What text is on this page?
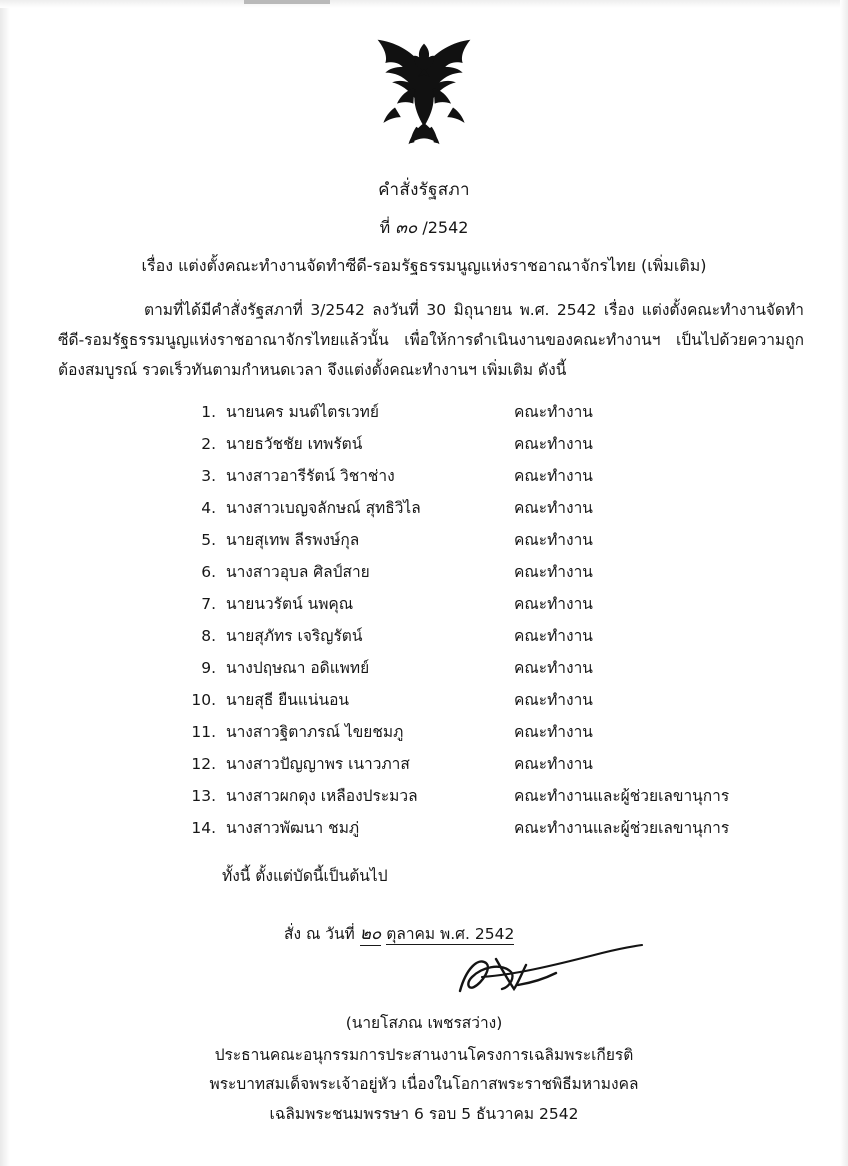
คำสั่งรัฐสภา
ที่ ๓๐ /2542
เรื่อง แต่งตั้งคณะทำงานจัดทำซีดี-รอมรัฐธรรมนูญแห่งราชอาณาจักรไทย (เพิ่มเติม)

ตามที่ได้มีคำสั่งรัฐสภาที่ 3/2542 ลงวันที่ 30 มิถุนายน พ.ศ. 2542 เรื่อง แต่งตั้งคณะทำงานจัดทำซีดี-รอมรัฐธรรมนูญแห่งราชอาณาจักรไทยแล้วนั้น เพื่อให้การดำเนินงานของคณะทำงานฯ เป็นไปด้วยความถูกต้องสมบูรณ์ รวดเร็วทันตามกำหนดเวลา จึงแต่งตั้งคณะทำงานฯ เพิ่มเติม ดังนี้

1. นายนคร มนต์ไตรเวทย์	คณะทำงาน
2. นายธวัชชัย เทพรัตน์	คณะทำงาน
3. นางสาวอารีรัตน์ วิชาช่าง	คณะทำงาน
4. นางสาวเบญจลักษณ์ สุทธิวิไล	คณะทำงาน
5. นายสุเทพ ลีรพงษ์กุล	คณะทำงาน
6. นางสาวอุบล ศิลป์สาย	คณะทำงาน
7. นายนวรัตน์ นพคุณ	คณะทำงาน
8. นายสุภัทร เจริญรัตน์	คณะทำงาน
9. นางปฤษณา อดิแพทย์	คณะทำงาน
10. นายสุธี ยืนแน่นอน	คณะทำงาน
11. นางสาวฐิตาภรณ์ ไขยชมภู	คณะทำงาน
12. นางสาวปัญญาพร เนาวภาส	คณะทำงาน
13. นางสาวผกดุง เหลืองประมวล	คณะทำงานและผู้ช่วยเลขานุการ
14. นางสาวพัฒนา ชมภู่	คณะทำงานและผู้ช่วยเลขานุการ
ทั้งนี้ ตั้งแต่บัดนี้เป็นต้นไป
สั่ง ณ วันที่ ๒๐ ตุลาคม พ.ศ. 2542
(นายโสภณ เพชรสว่าง)
ประธานคณะอนุกรรมการประสานงานโครงการเฉลิมพระเกียรติ
พระบาทสมเด็จพระเจ้าอยู่หัว เนื่องในโอกาสพระราชพิธีมหามงคล
เฉลิมพระชนมพรรษา 6 รอบ 5 ธันวาคม 2542
